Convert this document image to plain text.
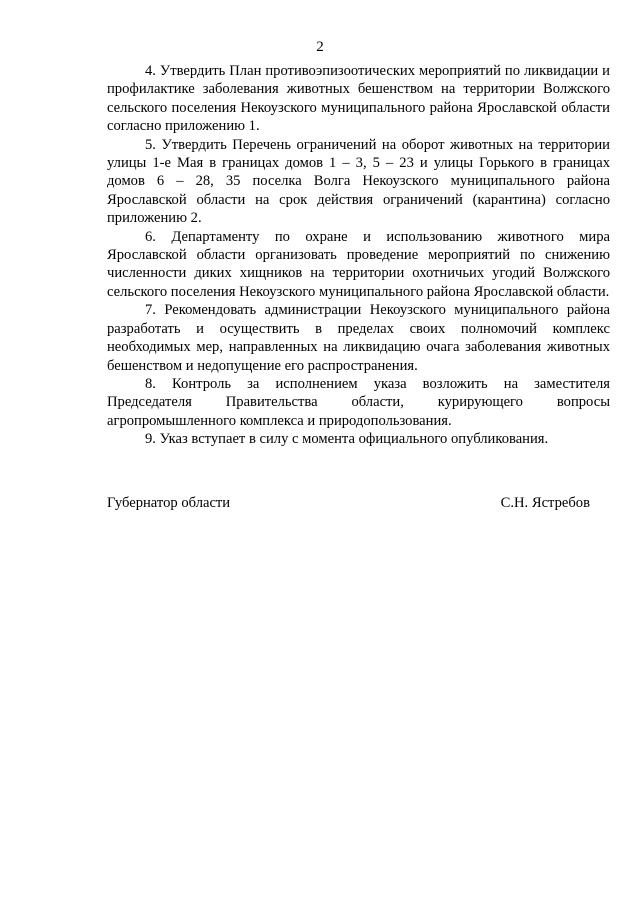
2

4. Утвердить План противоэпизоотических мероприятий по ликвидации и профилактике заболевания животных бешенством на территории Волжского сельского поселения Некоузского муниципального района Ярославской области согласно приложению 1.

5. Утвердить Перечень ограничений на оборот животных на территории улицы 1-е Мая в границах домов 1 – 3, 5 – 23 и улицы Горького в границах домов 6 – 28, 35 поселка Волга Некоузского муниципального района Ярославской области на срок действия ограничений (карантина) согласно приложению 2.

6. Департаменту по охране и использованию животного мира Ярославской области организовать проведение мероприятий по снижению численности диких хищников на территории охотничьих угодий Волжского сельского поселения Некоузского муниципального района Ярославской области.

7. Рекомендовать администрации Некоузского муниципального района разработать и осуществить в пределах своих полномочий комплекс необходимых мер, направленных на ликвидацию очага заболевания животных бешенством и недопущение его распространения.

8. Контроль за исполнением указа возложить на заместителя Председателя Правительства области, курирующего вопросы агропромышленного комплекса и природопользования.

9. Указ вступает в силу с момента официального опубликования.

Губернатор области	С.Н. Ястребов
